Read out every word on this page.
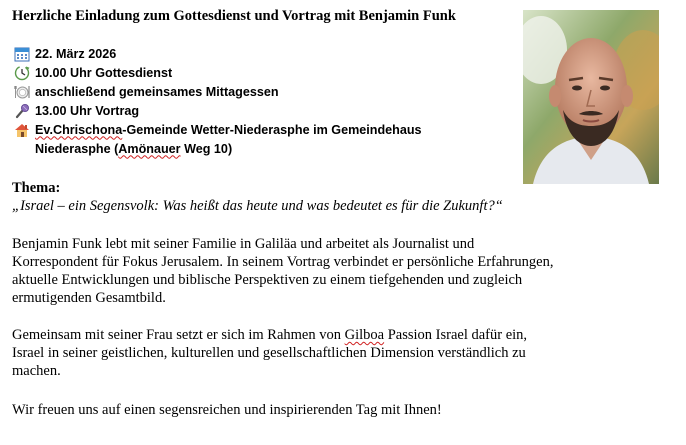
Herzliche Einladung zum Gottesdienst und Vortrag mit Benjamin Funk
22. März 2026
10.00 Uhr Gottesdienst
anschließend gemeinsames Mittagessen
13.00 Uhr Vortrag
Ev.Chrischona-Gemeinde Wetter-Niederasphe im Gemeindehaus
Niederasphe (Amönauer Weg 10)
Thema:
„Israel – ein Segensvolk: Was heißt das heute und was bedeutet es für die Zukunft?“
Benjamin Funk lebt mit seiner Familie in Galiläa und arbeitet als Journalist und
Korrespondent für Fokus Jerusalem. In seinem Vortrag verbindet er persönliche Erfahrungen,
aktuelle Entwicklungen und biblische Perspektiven zu einem tiefgehenden und zugleich
ermutigenden Gesamtbild.
Gemeinsam mit seiner Frau setzt er sich im Rahmen von Gilboa Passion Israel dafür ein,
Israel in seiner geistlichen, kulturellen und gesellschaftlichen Dimension verständlich zu
machen.
Wir freuen uns auf einen segensreichen und inspirierenden Tag mit Ihnen!
